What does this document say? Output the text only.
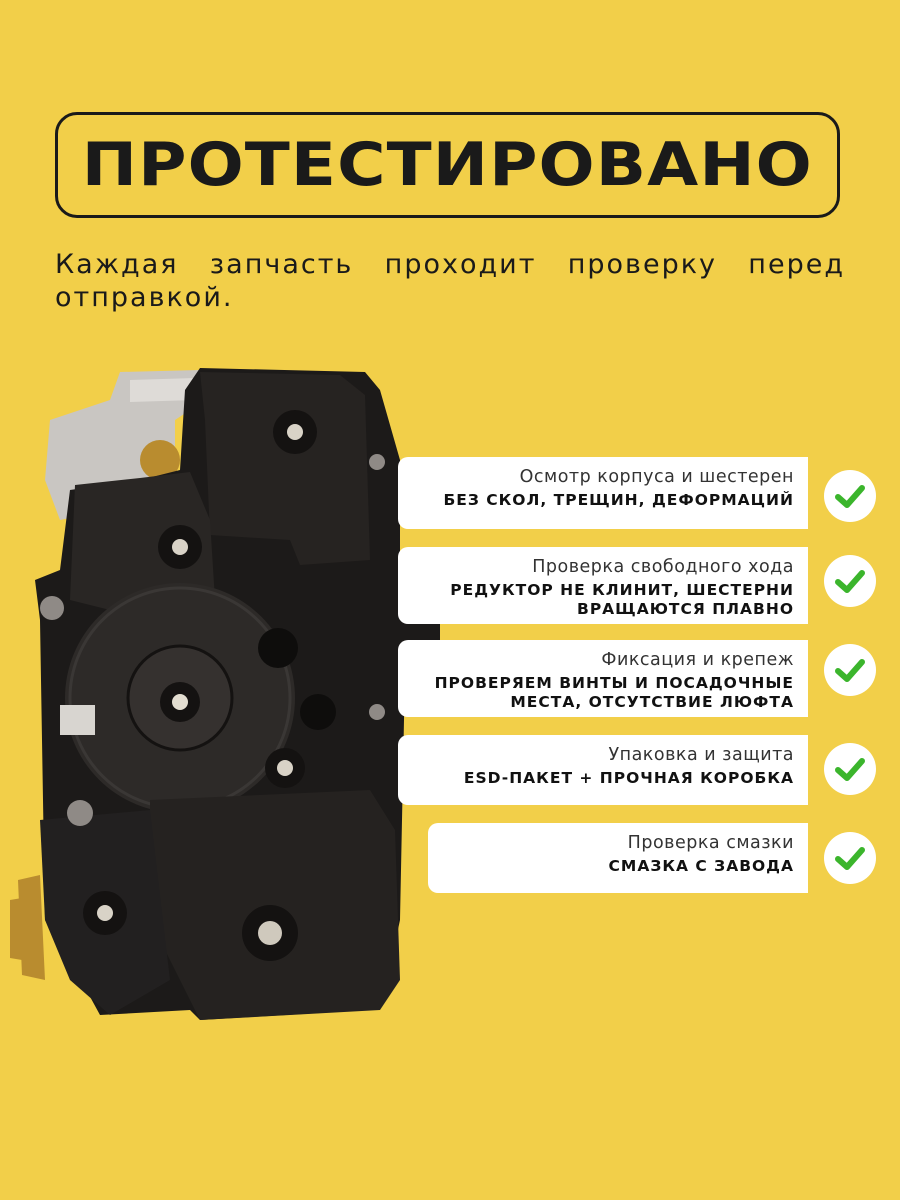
ПРОТЕСТИРОВАНО
Каждая запчасть проходит проверку перед отправкой.
Осмотр корпуса и шестерен
БЕЗ СКОЛ, ТРЕЩИН, ДЕФОРМАЦИЙ
Проверка свободного хода
РЕДУКТОР НЕ КЛИНИТ, ШЕСТЕРНИ ВРАЩАЮТСЯ ПЛАВНО
Фиксация и крепеж
ПРОВЕРЯЕМ ВИНТЫ И ПОСАДОЧНЫЕ МЕСТА, ОТСУТСТВИЕ ЛЮФТА
Упаковка и защита
ESD-ПАКЕТ + ПРОЧНАЯ КОРОБКА
Проверка смазки
СМАЗКА С ЗАВОДА
